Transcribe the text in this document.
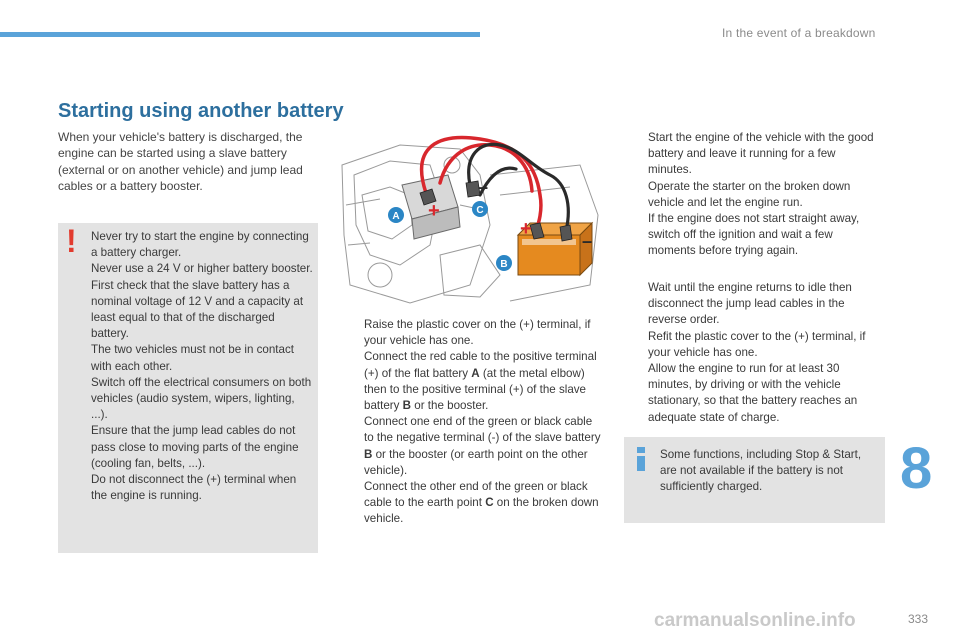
In the event of a breakdown
Starting using another battery
When your vehicle's battery is discharged, the engine can be started using a slave battery (external or on another vehicle) and jump lead cables or a battery booster.
! Never try to start the engine by connecting a battery charger.

Never use a 24 V or higher battery booster.

First check that the slave battery has a nominal voltage of 12 V and a capacity at least equal to that of the discharged battery.

The two vehicles must not be in contact with each other.

Switch off the electrical consumers on both vehicles (audio system, wipers, lighting, ...).

Ensure that the jump lead cables do not pass close to moving parts of the engine (cooling fan, belts, ...).

Do not disconnect the (+) terminal when the engine is running.

+
+
–
–
A
B
C
Raise the plastic cover on the (+) terminal, if your vehicle has one.
Connect the red cable to the positive terminal (+) of the flat battery A (at the metal elbow) then to the positive terminal (+) of the slave battery B or the booster.
Connect one end of the green or black cable to the negative terminal (-) of the slave battery B or the booster (or earth point on the other vehicle).
Connect the other end of the green or black cable to the earth point C on the broken down vehicle.
Start the engine of the vehicle with the good battery and leave it running for a few minutes.
Operate the starter on the broken down vehicle and let the engine run.
If the engine does not start straight away, switch off the ignition and wait a few moments before trying again.
Wait until the engine returns to idle then disconnect the jump lead cables in the reverse order.
Refit the plastic cover to the (+) terminal, if your vehicle has one.
Allow the engine to run for at least 30 minutes, by driving or with the vehicle stationary, so that the battery reaches an adequate state of charge.
Some functions, including Stop & Start, are not available if the battery is not sufficiently charged.	8
carmanualsonline.info	333
